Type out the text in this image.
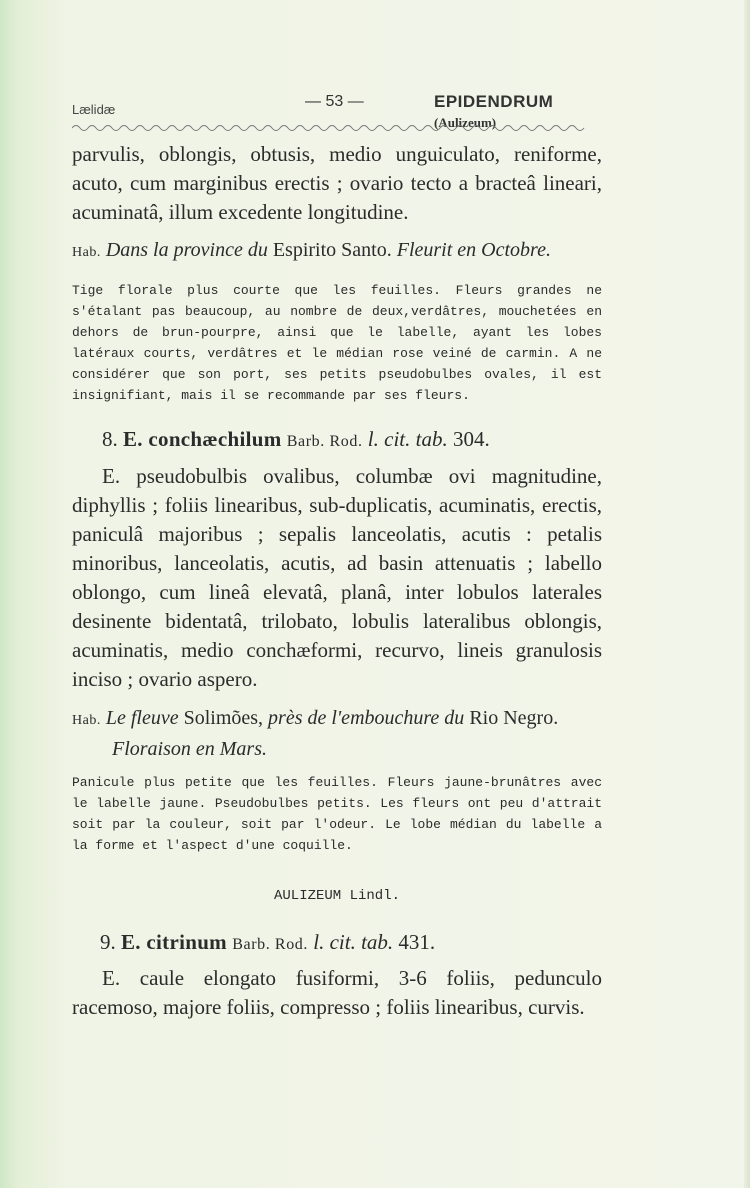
Lælidæ	— 53 —	EPIDENDRUM (Aulizeum)
parvulis, oblongis, obtusis, medio unguiculato, reniforme, acuto, cum marginibus erectis ; ovario tecto a bracteâ lineari, acuminatâ, illum excedente longitudine.
Hab. Dans la province du Espirito Santo. Fleurit en Octobre.
Tige florale plus courte que les feuilles. Fleurs grandes ne s'étalant pas beaucoup, au nombre de deux,verdâtres, mouchetées en dehors de brun-pourpre, ainsi que le labelle, ayant les lobes latéraux courts, verdâtres et le médian rose veiné de carmin. A ne considérer que son port, ses petits pseudobulbes ovales, il est insignifiant, mais il se recommande par ses fleurs.
8. E. conchæchilum Barb. Rod. l. cit. tab. 304.
E. pseudobulbis ovalibus, columbæ ovi magnitudine, diphyllis ; foliis linearibus, sub-duplicatis, acuminatis, erectis, paniculâ majoribus ; sepalis lanceolatis, acutis : petalis minoribus, lanceolatis, acutis, ad basin attenuatis ; labello oblongo, cum lineâ elevatâ, planâ, inter lobulos laterales desinente bidentatâ, trilobato, lobulis lateralibus oblongis, acuminatis, medio conchæformi, recurvo, lineis granulosis inciso ; ovario aspero.
Hab. Le fleuve Solimões, près de l'embouchure du Rio Negro. Floraison en Mars.
Panicule plus petite que les feuilles. Fleurs jaune-brunâtres avec le labelle jaune. Pseudobulbes petits. Les fleurs ont peu d'attrait soit par la couleur, soit par l'odeur. Le lobe médian du labelle a la forme et l'aspect d'une coquille.
AULIZEUM Lindl.
9. E. citrinum Barb. Rod. l. cit. tab. 431.
E. caule elongato fusiformi, 3-6 foliis, pedunculo racemoso, majore foliis, compresso ; foliis linearibus, curvis.
